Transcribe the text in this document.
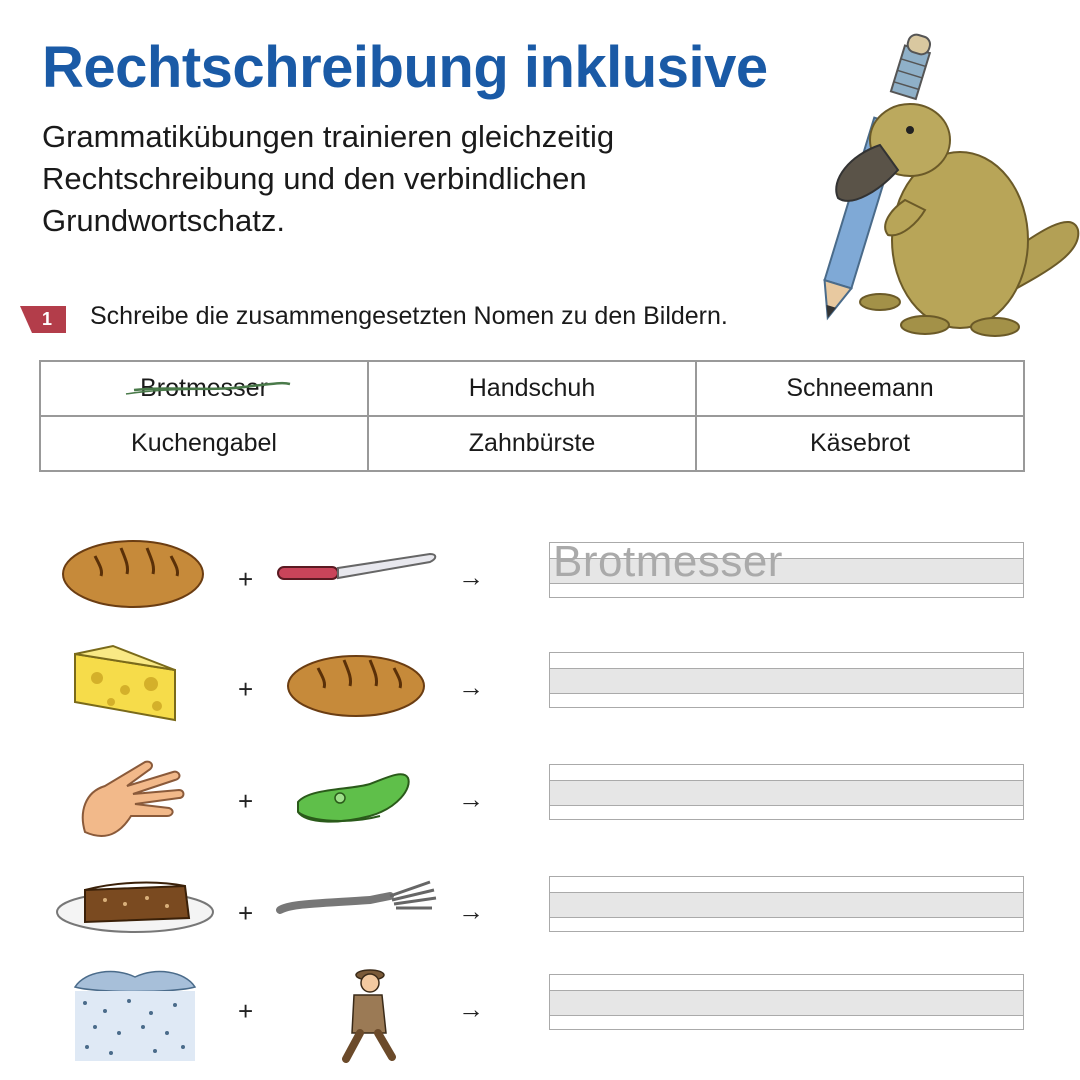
Rechtschreibung inklusive

Grammatikübungen trainieren gleichzeitig Rechtschreibung und den verbindlichen Grundwortschatz.

1 Schreibe die zusammengesetzten Nomen zu den Bildern.
Brotmesser	Handschuh	Schneemann
Kuchengabel	Zahnbürste	Käsebrot
+	→ Brotmesser
+	→
+	→
+	→
+	→
